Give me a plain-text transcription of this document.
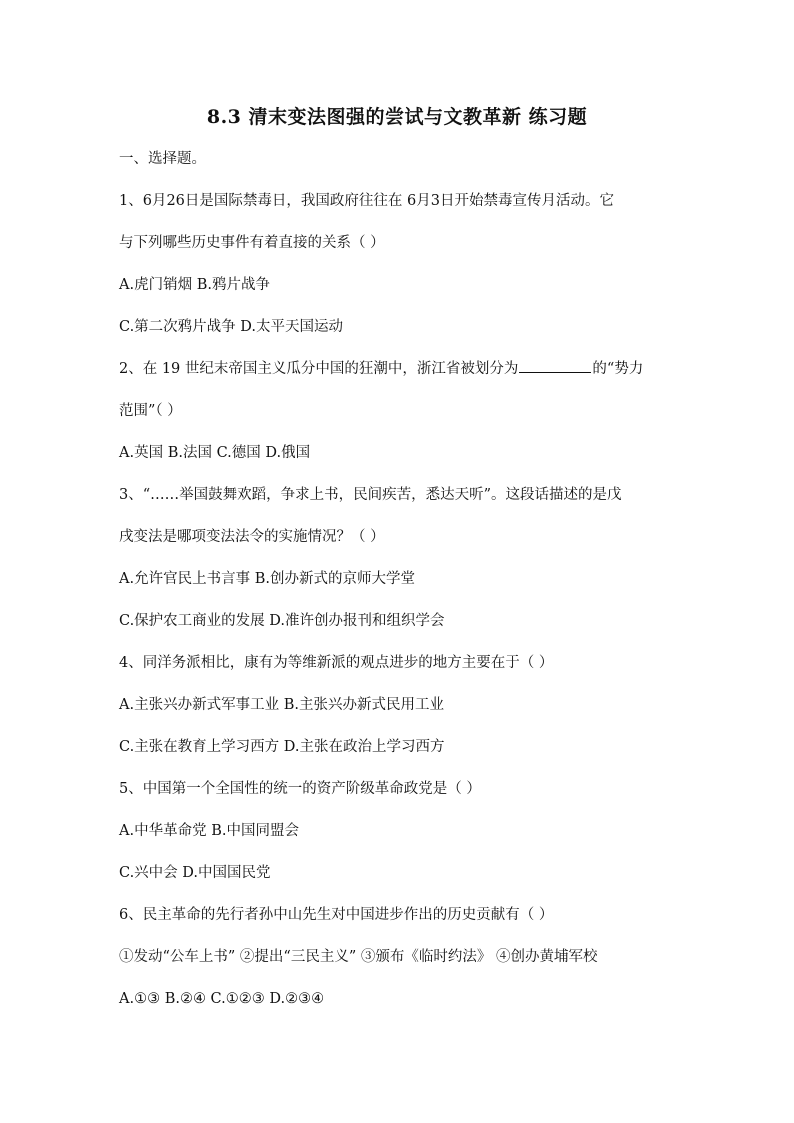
8.3 清末变法图强的尝试与文教革新 练习题
一、选择题。
1、6月26日是国际禁毒日，我国政府往往在 6月3日开始禁毒宣传月活动。它
与下列哪些历史事件有着直接的关系（ ）
A.虎门销烟 B.鸦片战争
C.第二次鸦片战争 D.太平天国运动
2、在 19 世纪末帝国主义瓜分中国的狂潮中，浙江省被划分为	的“势力
范围”（ ）
A.英国 B.法国 C.德国 D.俄国
3、“……举国鼓舞欢蹈，争求上书，民间疾苦，悉达天听”。这段话描述的是戊
戌变法是哪项变法法令的实施情况？（ ）
A.允许官民上书言事 B.创办新式的京师大学堂
C.保护农工商业的发展 D.准许创办报刊和组织学会
4、同洋务派相比，康有为等维新派的观点进步的地方主要在于（ ）
A.主张兴办新式军事工业 B.主张兴办新式民用工业
C.主张在教育上学习西方 D.主张在政治上学习西方
5、中国第一个全国性的统一的资产阶级革命政党是（ ）
A.中华革命党 B.中国同盟会
C.兴中会 D.中国国民党
6、民主革命的先行者孙中山先生对中国进步作出的历史贡献有（ ）
①发动“公车上书” ②提出“三民主义” ③颁布《临时约法》 ④创办黄埔军校
A.①③ B.②④ C.①②③ D.②③④
